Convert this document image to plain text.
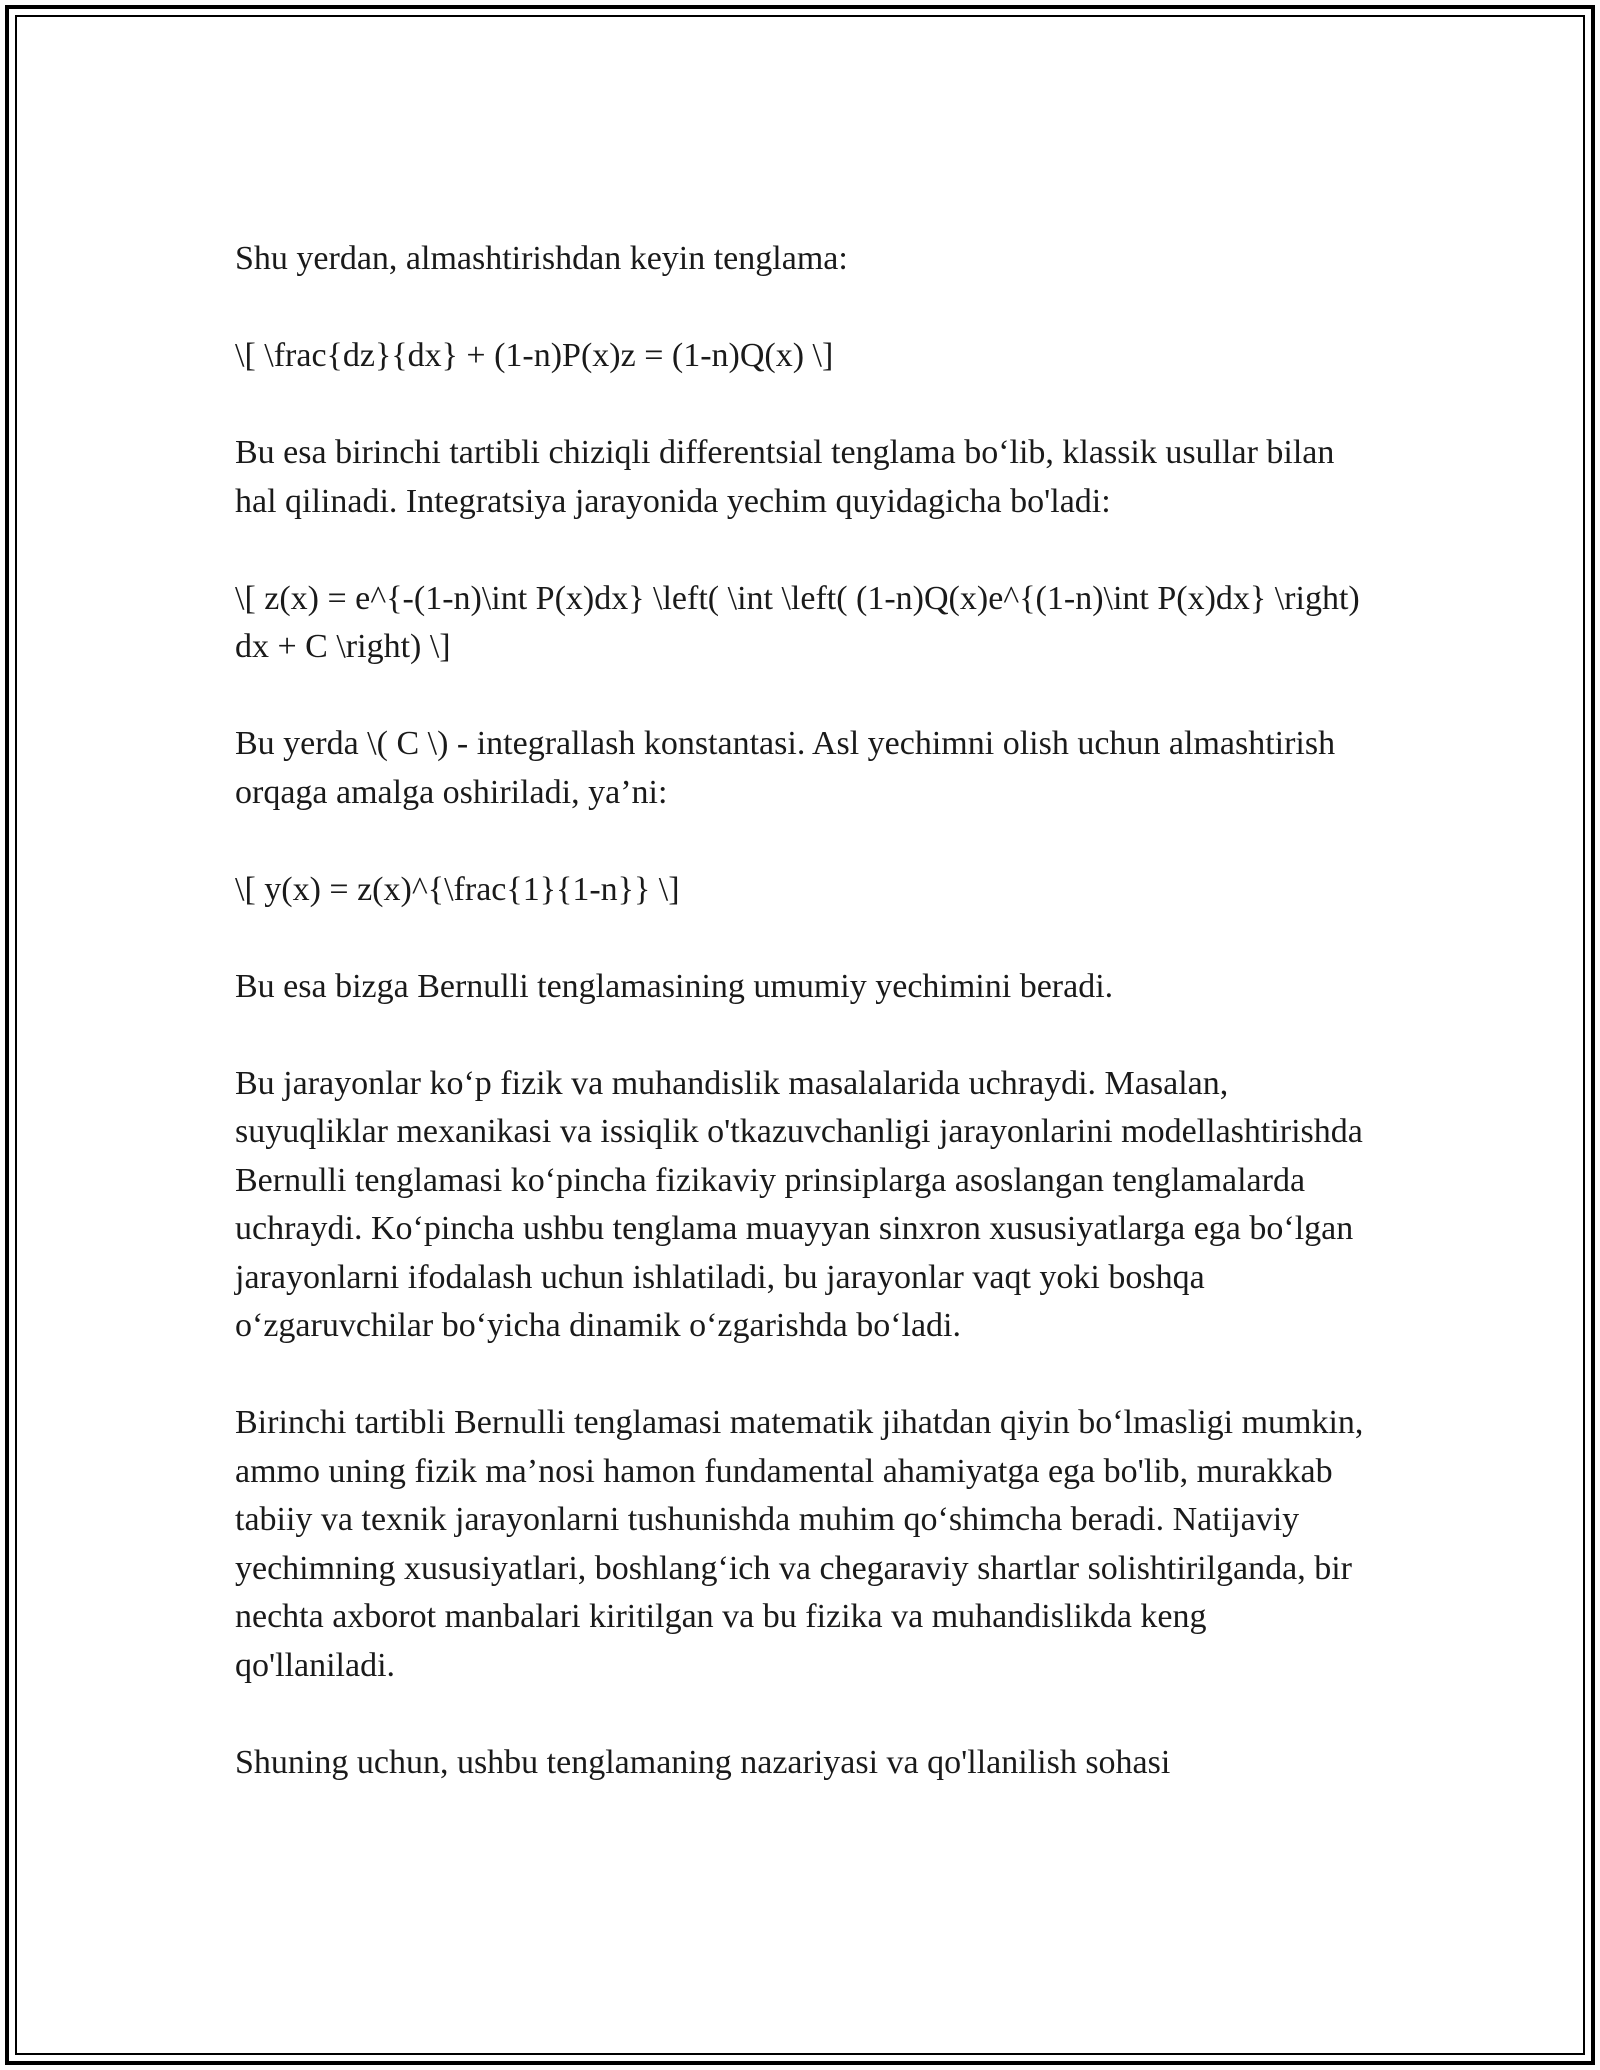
Shu yerdan, almashtirishdan keyin tenglama:

\[ \frac{dz}{dx} + (1-n)P(x)z = (1-n)Q(x) \]

Bu esa birinchi tartibli chiziqli differentsial tenglama bo‘lib, klassik usullar bilan hal qilinadi. Integratsiya jarayonida yechim quyidagicha bo'ladi:

\[ z(x) = e^{-(1-n)\int P(x)dx} \left( \int \left( (1-n)Q(x)e^{(1-n)\int P(x)dx} \right) dx + C \right) \]

Bu yerda \( C \) - integrallash konstantasi. Asl yechimni olish uchun almashtirish orqaga amalga oshiriladi, ya’ni:

\[ y(x) = z(x)^{\frac{1}{1-n}} \]

Bu esa bizga Bernulli tenglamasining umumiy yechimini beradi.

Bu jarayonlar ko‘p fizik va muhandislik masalalarida uchraydi. Masalan, suyuqliklar mexanikasi va issiqlik o'tkazuvchanligi jarayonlarini modellashtirishda Bernulli tenglamasi ko‘pincha fizikaviy prinsiplarga asoslangan tenglamalarda uchraydi. Ko‘pincha ushbu tenglama muayyan sinxron xususiyatlarga ega bo‘lgan jarayonlarni ifodalash uchun ishlatiladi, bu jarayonlar vaqt yoki boshqa o‘zgaruvchilar bo‘yicha dinamik o‘zgarishda bo‘ladi.

Birinchi tartibli Bernulli tenglamasi matematik jihatdan qiyin bo‘lmasligi mumkin, ammo uning fizik ma’nosi hamon fundamental ahamiyatga ega bo'lib, murakkab tabiiy va texnik jarayonlarni tushunishda muhim qo‘shimcha beradi. Natijaviy yechimning xususiyatlari, boshlang‘ich va chegaraviy shartlar solishtirilganda, bir nechta axborot manbalari kiritilgan va bu fizika va muhandislikda keng qo'llaniladi.

Shuning uchun, ushbu tenglamaning nazariyasi va qo'llanilish sohasi
